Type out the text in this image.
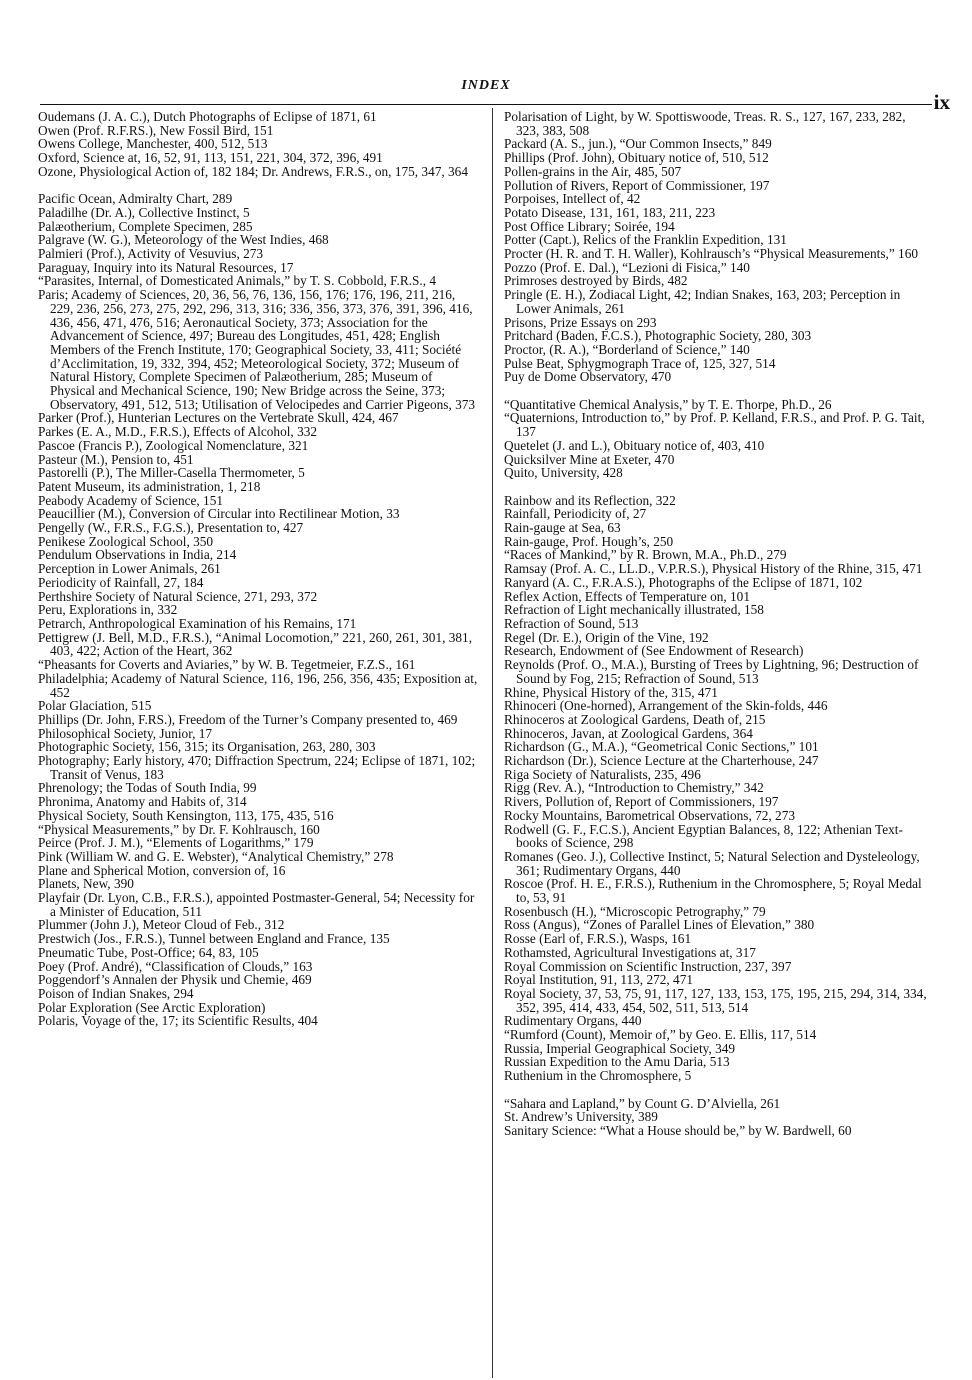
INDEX
ix

Oudemans (J. A. C.), Dutch Photographs of Eclipse of 1871, 61

Owen (Prof. R.F.RS.), New Fossil Bird, 151

Owens College, Manchester, 400, 512, 513

Oxford, Science at, 16, 52, 91, 113, 151, 221, 304, 372, 396, 491

Ozone, Physiological Action of, 182 184; Dr. Andrews, F.R.S., on, 175, 347, 364

Pacific Ocean, Admiralty Chart, 289

Paladilhe (Dr. A.), Collective Instinct, 5

Palæotherium, Complete Specimen, 285

Palgrave (W. G.), Meteorology of the West Indies, 468

Palmieri (Prof.), Activity of Vesuvius, 273

Paraguay, Inquiry into its Natural Resources, 17

“Parasites, Internal, of Domesticated Animals,” by T. S. Cobbold, F.R.S., 4

Paris; Academy of Sciences, 20, 36, 56, 76, 136, 156, 176; 176, 196, 211, 216, 229, 236, 256, 273, 275, 292, 296, 313, 316; 336, 356, 373, 376, 391, 396, 416, 436, 456, 471, 476, 516; Aeronautical Society, 373; Association for the Advancement of Science, 497; Bureau des Longitudes, 451, 428; English Members of the French Institute, 170; Geographical Society, 33, 411; Société d’Acclimitation, 19, 332, 394, 452; Meteorological Society, 372; Museum of Natural History, Complete Specimen of Palæotherium, 285; Museum of Physical and Mechanical Science, 190; New Bridge across the Seine, 373; Observatory, 491, 512, 513; Utilisation of Velocipedes and Carrier Pigeons, 373

Parker (Prof.), Hunterian Lectures on the Vertebrate Skull, 424, 467

Parkes (E. A., M.D., F.R.S.), Effects of Alcohol, 332

Pascoe (Francis P.), Zoological Nomenclature, 321

Pasteur (M.), Pension to, 451

Pastorelli (P.), The Miller-Casella Thermometer, 5

Patent Museum, its administration, 1, 218

Peabody Academy of Science, 151

Peaucillier (M.), Conversion of Circular into Rectilinear Motion, 33

Pengelly (W., F.R.S., F.G.S.), Presentation to, 427

Penikese Zoological School, 350

Pendulum Observations in India, 214

Perception in Lower Animals, 261

Periodicity of Rainfall, 27, 184

Perthshire Society of Natural Science, 271, 293, 372

Peru, Explorations in, 332

Petrarch, Anthropological Examination of his Remains, 171

Pettigrew (J. Bell, M.D., F.R.S.), “Animal Locomotion,” 221, 260, 261, 301, 381, 403, 422; Action of the Heart, 362

“Pheasants for Coverts and Aviaries,” by W. B. Tegetmeier, F.Z.S., 161

Philadelphia; Academy of Natural Science, 116, 196, 256, 356, 435; Exposition at, 452

Polar Glaciation, 515

Phillips (Dr. John, F.RS.), Freedom of the Turner’s Company presented to, 469

Philosophical Society, Junior, 17

Photographic Society, 156, 315; its Organisation, 263, 280, 303

Photography; Early history, 470; Diffraction Spectrum, 224; Eclipse of 1871, 102; Transit of Venus, 183

Phrenology; the Todas of South India, 99

Phronima, Anatomy and Habits of, 314

Physical Society, South Kensington, 113, 175, 435, 516

“Physical Measurements,” by Dr. F. Kohlrausch, 160

Peirce (Prof. J. M.), “Elements of Logarithms,” 179

Pink (William W. and G. E. Webster), “Analytical Chemistry,” 278

Plane and Spherical Motion, conversion of, 16

Planets, New, 390

Playfair (Dr. Lyon, C.B., F.R.S.), appointed Postmaster-General, 54; Necessity for a Minister of Education, 511

Plummer (John J.), Meteor Cloud of Feb., 312

Prestwich (Jos., F.R.S.), Tunnel between England and France, 135

Pneumatic Tube, Post-Office; 64, 83, 105

Poey (Prof. André), “Classification of Clouds,” 163

Poggendorf’s Annalen der Physik und Chemie, 469

Poison of Indian Snakes, 294

Polar Exploration (See Arctic Exploration)

Polaris, Voyage of the, 17; its Scientific Results, 404

Polarisation of Light, by W. Spottiswoode, Treas. R. S., 127, 167, 233, 282, 323, 383, 508

Packard (A. S., jun.), “Our Common Insects,” 849

Phillips (Prof. John), Obituary notice of, 510, 512

Pollen-grains in the Air, 485, 507

Pollution of Rivers, Report of Commissioner, 197

Porpoises, Intellect of, 42

Potato Disease, 131, 161, 183, 211, 223

Post Office Library; Soirée, 194

Potter (Capt.), Relics of the Franklin Expedition, 131

Procter (H. R. and T. H. Waller), Kohlrausch’s “Physical Measurements,” 160

Pozzo (Prof. E. Dal.), “Lezioni di Fisica,” 140

Primroses destroyed by Birds, 482

Pringle (E. H.), Zodiacal Light, 42; Indian Snakes, 163, 203; Perception in Lower Animals, 261

Prisons, Prize Essays on 293

Pritchard (Baden, F.C.S.), Photographic Society, 280, 303

Proctor, (R. A.), “Borderland of Science,” 140

Pulse Beat, Sphygmograph Trace of, 125, 327, 514

Puy de Dome Observatory, 470

“Quantitative Chemical Analysis,” by T. E. Thorpe, Ph.D., 26

“Quaternions, Introduction to,” by Prof. P. Kelland, F.R.S., and Prof. P. G. Tait, 137

Quetelet (J. and L.), Obituary notice of, 403, 410

Quicksilver Mine at Exeter, 470

Quito, University, 428

Rainbow and its Reflection, 322

Rainfall, Periodicity of, 27

Rain-gauge at Sea, 63

Rain-gauge, Prof. Hough’s, 250

“Races of Mankind,” by R. Brown, M.A., Ph.D., 279

Ramsay (Prof. A. C., LL.D., V.P.R.S.), Physical History of the Rhine, 315, 471

Ranyard (A. C., F.R.A.S.), Photographs of the Eclipse of 1871, 102

Reflex Action, Effects of Temperature on, 101

Refraction of Light mechanically illustrated, 158

Refraction of Sound, 513

Regel (Dr. E.), Origin of the Vine, 192

Research, Endowment of (See Endowment of Research)

Reynolds (Prof. O., M.A.), Bursting of Trees by Lightning, 96; Destruction of Sound by Fog, 215; Refraction of Sound, 513

Rhine, Physical History of the, 315, 471

Rhinoceri (One-horned), Arrangement of the Skin-folds, 446

Rhinoceros at Zoological Gardens, Death of, 215

Rhinoceros, Javan, at Zoological Gardens, 364

Richardson (G., M.A.), “Geometrical Conic Sections,” 101

Richardson (Dr.), Science Lecture at the Charterhouse, 247

Riga Society of Naturalists, 235, 496

Rigg (Rev. A.), “Introduction to Chemistry,” 342

Rivers, Pollution of, Report of Commissioners, 197

Rocky Mountains, Barometrical Observations, 72, 273

Rodwell (G. F., F.C.S.), Ancient Egyptian Balances, 8, 122; Athenian Text-books of Science, 298

Romanes (Geo. J.), Collective Instinct, 5; Natural Selection and Dysteleology, 361; Rudimentary Organs, 440

Roscoe (Prof. H. E., F.R.S.), Ruthenium in the Chromosphere, 5; Royal Medal to, 53, 91

Rosenbusch (H.), “Microscopic Petrography,” 79

Ross (Angus), “Zones of Parallel Lines of Elevation,” 380

Rosse (Earl of, F.R.S.), Wasps, 161

Rothamsted, Agricultural Investigations at, 317

Royal Commission on Scientific Instruction, 237, 397

Royal Institution, 91, 113, 272, 471

Royal Society, 37, 53, 75, 91, 117, 127, 133, 153, 175, 195, 215, 294, 314, 334, 352, 395, 414, 433, 454, 502, 511, 513, 514

Rudimentary Organs, 440

“Rumford (Count), Memoir of,” by Geo. E. Ellis, 117, 514

Russia, Imperial Geographical Society, 349

Russian Expedition to the Amu Daria, 513

Ruthenium in the Chromosphere, 5

“Sahara and Lapland,” by Count G. D’Alviella, 261

St. Andrew’s University, 389

Sanitary Science: “What a House should be,” by W. Bardwell, 60
